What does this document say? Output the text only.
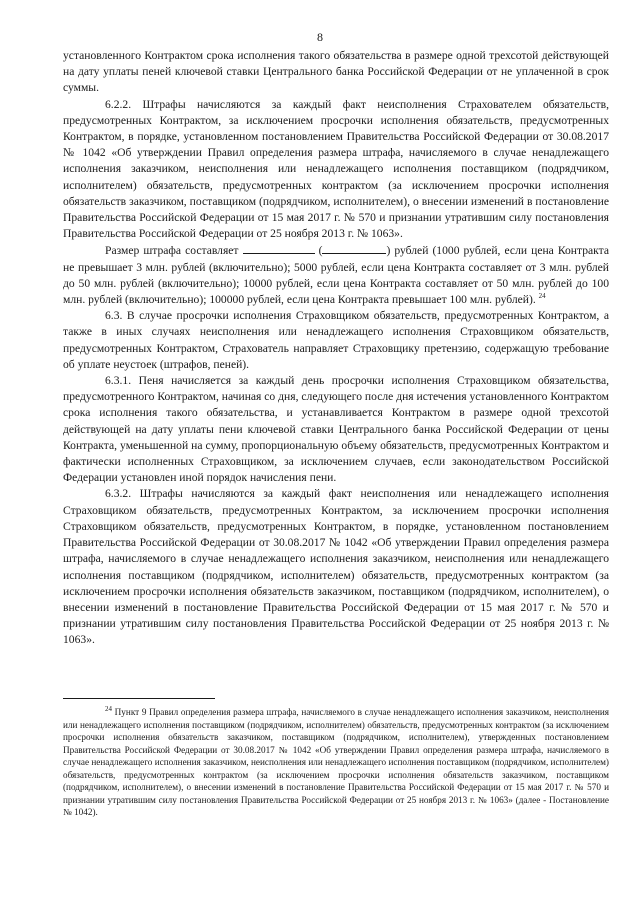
8

установленного Контрактом срока исполнения такого обязательства в размере одной трехсотой действующей на дату уплаты пеней ключевой ставки Центрального банка Российской Федерации от не уплаченной в срок суммы.

6.2.2. Штрафы начисляются за каждый факт неисполнения Страхователем обязательств, предусмотренных Контрактом, за исключением просрочки исполнения обязательств, предусмотренных Контрактом, в порядке, установленном постановлением Правительства Российской Федерации от 30.08.2017 № 1042 «Об утверждении Правил определения размера штрафа, начисляемого в случае ненадлежащего исполнения заказчиком, неисполнения или ненадлежащего исполнения поставщиком (подрядчиком, исполнителем) обязательств, предусмотренных контрактом (за исключением просрочки исполнения обязательств заказчиком, поставщиком (подрядчиком, исполнителем), о внесении изменений в постановление Правительства Российской Федерации от 15 мая 2017 г. № 570 и признании утратившим силу постановления Правительства Российской Федерации от 25 ноября 2013 г. № 1063».

Размер штрафа составляет	(	) рублей (1000 рублей, если цена Контракта не превышает 3 млн. рублей (включительно); 5000 рублей, если цена Контракта составляет от 3 млн. рублей до 50 млн. рублей (включительно); 10000 рублей, если цена Контракта составляет от 50 млн. рублей до 100 млн. рублей (включительно); 100000 рублей, если цена Контракта превышает 100 млн. рублей). $^{24}$

6.3. В случае просрочки исполнения Страховщиком обязательств, предусмотренных Контрактом, а также в иных случаях неисполнения или ненадлежащего исполнения Страховщиком обязательств, предусмотренных Контрактом, Страхователь направляет Страховщику претензию, содержащую требование об уплате неустоек (штрафов, пеней).

6.3.1. Пеня начисляется за каждый день просрочки исполнения Страховщиком обязательства, предусмотренного Контрактом, начиная со дня, следующего после дня истечения установленного Контрактом срока исполнения такого обязательства, и устанавливается Контрактом в размере одной трехсотой действующей на дату уплаты пени ключевой ставки Центрального банка Российской Федерации от цены Контракта, уменьшенной на сумму, пропорциональную объему обязательств, предусмотренных Контрактом и фактически исполненных Страховщиком, за исключением случаев, если законодательством Российской Федерации установлен иной порядок начисления пени.

6.3.2. Штрафы начисляются за каждый факт неисполнения или ненадлежащего исполнения Страховщиком обязательств, предусмотренных Контрактом, за исключением просрочки исполнения Страховщиком обязательств, предусмотренных Контрактом, в порядке, установленном постановлением Правительства Российской Федерации от 30.08.2017 № 1042 «Об утверждении Правил определения размера штрафа, начисляемого в случае ненадлежащего исполнения заказчиком, неисполнения или ненадлежащего исполнения поставщиком (подрядчиком, исполнителем) обязательств, предусмотренных контрактом (за исключением просрочки исполнения обязательств заказчиком, поставщиком (подрядчиком, исполнителем), о внесении изменений в постановление Правительства Российской Федерации от 15 мая 2017 г. № 570 и признании утратившим силу постановления Правительства Российской Федерации от 25 ноября 2013 г. № 1063».

$^{24}$ Пункт 9 Правил определения размера штрафа, начисляемого в случае ненадлежащего исполнения заказчиком, неисполнения или ненадлежащего исполнения поставщиком (подрядчиком, исполнителем) обязательств, предусмотренных контрактом (за исключением просрочки исполнения обязательств заказчиком, поставщиком (подрядчиком, исполнителем), утвержденных постановлением Правительства Российской Федерации от 30.08.2017 № 1042 «Об утверждении Правил определения размера штрафа, начисляемого в случае ненадлежащего исполнения заказчиком, неисполнения или ненадлежащего исполнения поставщиком (подрядчиком, исполнителем) обязательств, предусмотренных контрактом (за исключением просрочки исполнения обязательств заказчиком, поставщиком (подрядчиком, исполнителем), о внесении изменений в постановление Правительства Российской Федерации от 15 мая 2017 г. № 570 и признании утратившим силу постановления Правительства Российской Федерации от 25 ноября 2013 г. № 1063» (далее - Постановление № 1042).
